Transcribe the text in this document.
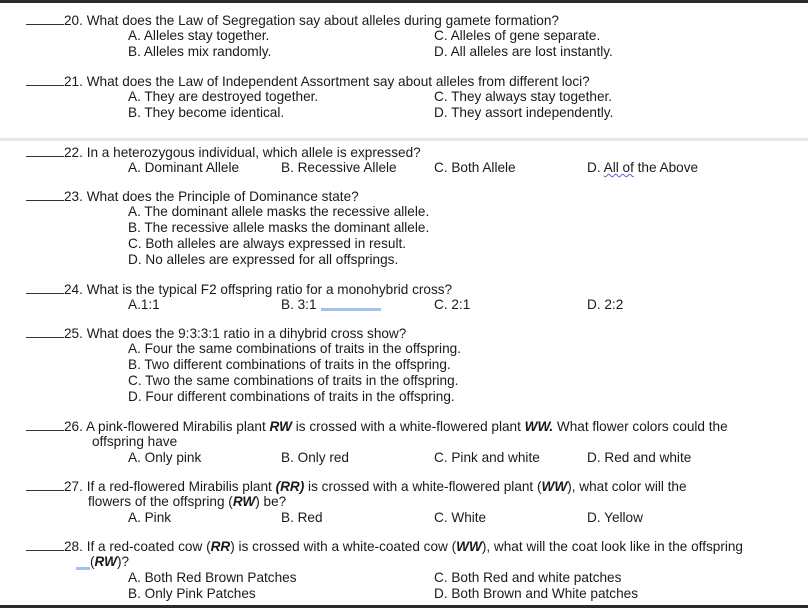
20. What does the Law of Segregation say about alleles during gamete formation?
A. Alleles stay together.	C. Alleles of gene separate.
B. Alleles mix randomly.	D. All alleles are lost instantly.
21. What does the Law of Independent Assortment say about alleles from different loci?
A. They are destroyed together.	C. They always stay together.
B. They become identical.	D. They assort independently.
22. In a heterozygous individual, which allele is expressed?
A. Dominant Allele	B. Recessive Allele	C. Both Allele	D. All of the Above
23. What does the Principle of Dominance state?
A. The dominant allele masks the recessive allele.
B. The recessive allele masks the dominant allele.
C. Both alleles are always expressed in result.
D. No alleles are expressed for all offsprings.
24. What is the typical F2 offspring ratio for a monohybrid cross?
A.1:1	B. 3:1	C. 2:1	D. 2:2
25. What does the 9:3:3:1 ratio in a dihybrid cross show?
A. Four the same combinations of traits in the offspring.
B. Two different combinations of traits in the offspring.
C. Two the same combinations of traits in the offspring.
D. Four different combinations of traits in the offspring.
26. A pink-flowered Mirabilis plant RW is crossed with a white-flowered plant WW. What flower colors could the
offspring have
A. Only pink	B. Only red	C. Pink and white	D. Red and white
27. If a red-flowered Mirabilis plant (RR) is crossed with a white-flowered plant (WW), what color will the
flowers of the offspring (RW) be?
A. Pink	B. Red	C. White	D. Yellow
28. If a red-coated cow (RR) is crossed with a white-coated cow (WW), what will the coat look like in the offspring
(RW)?
A. Both Red Brown Patches	C. Both Red and white patches
B. Only Pink Patches	D. Both Brown and White patches
